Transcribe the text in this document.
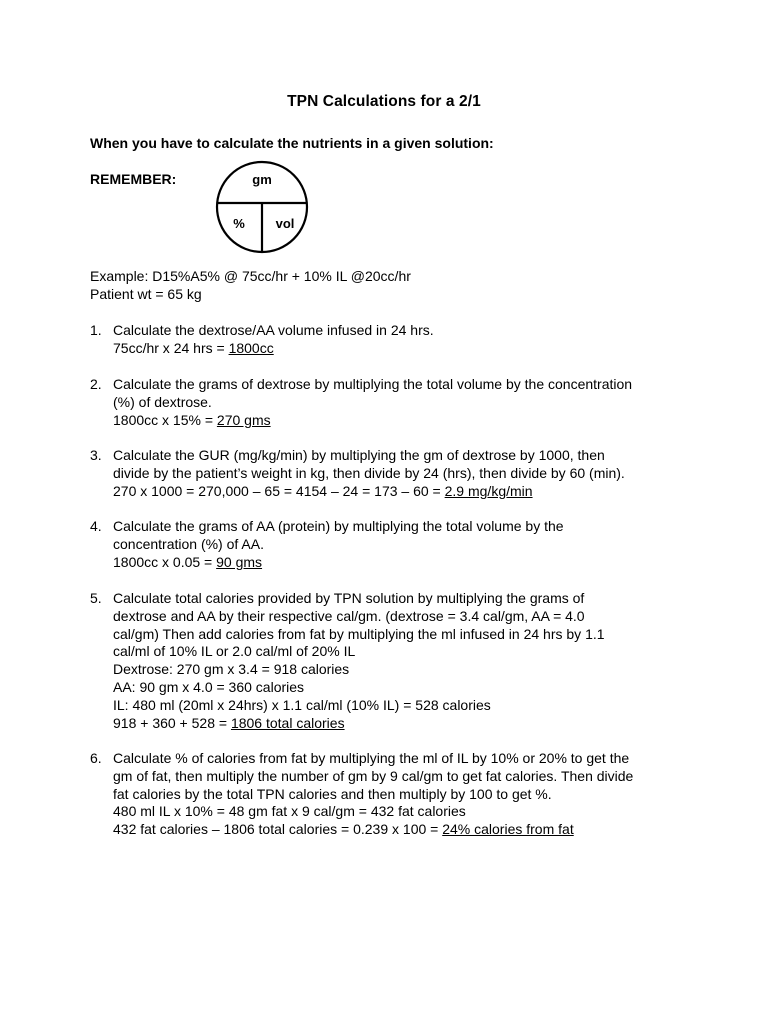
TPN Calculations for a 2/1
When you have to calculate the nutrients in a given solution:
REMEMBER:	gm
%	vol
Example: D15%A5% @ 75cc/hr + 10% IL @20cc/hr
Patient wt = 65 kg
1. Calculate the dextrose/AA volume infused in 24 hrs.
75cc/hr x 24 hrs = 1800cc
2. Calculate the grams of dextrose by multiplying the total volume by the concentration
(%) of dextrose.
1800cc x 15% = 270 gms
3. Calculate the GUR (mg/kg/min) by multiplying the gm of dextrose by 1000, then
divide by the patient’s weight in kg, then divide by 24 (hrs), then divide by 60 (min).
270 x 1000 = 270,000 – 65 = 4154 – 24 = 173 – 60 = 2.9 mg/kg/min
4. Calculate the grams of AA (protein) by multiplying the total volume by the
concentration (%) of AA.
1800cc x 0.05 = 90 gms
5. Calculate total calories provided by TPN solution by multiplying the grams of
dextrose and AA by their respective cal/gm. (dextrose = 3.4 cal/gm, AA = 4.0
cal/gm) Then add calories from fat by multiplying the ml infused in 24 hrs by 1.1
cal/ml of 10% IL or 2.0 cal/ml of 20% IL
Dextrose: 270 gm x 3.4 = 918 calories
AA: 90 gm x 4.0 = 360 calories
IL: 480 ml (20ml x 24hrs) x 1.1 cal/ml (10% IL) = 528 calories
918 + 360 + 528 = 1806 total calories
6. Calculate % of calories from fat by multiplying the ml of IL by 10% or 20% to get the
gm of fat, then multiply the number of gm by 9 cal/gm to get fat calories. Then divide
fat calories by the total TPN calories and then multiply by 100 to get %.
480 ml IL x 10% = 48 gm fat x 9 cal/gm = 432 fat calories
432 fat calories – 1806 total calories = 0.239 x 100 = 24% calories from fat
